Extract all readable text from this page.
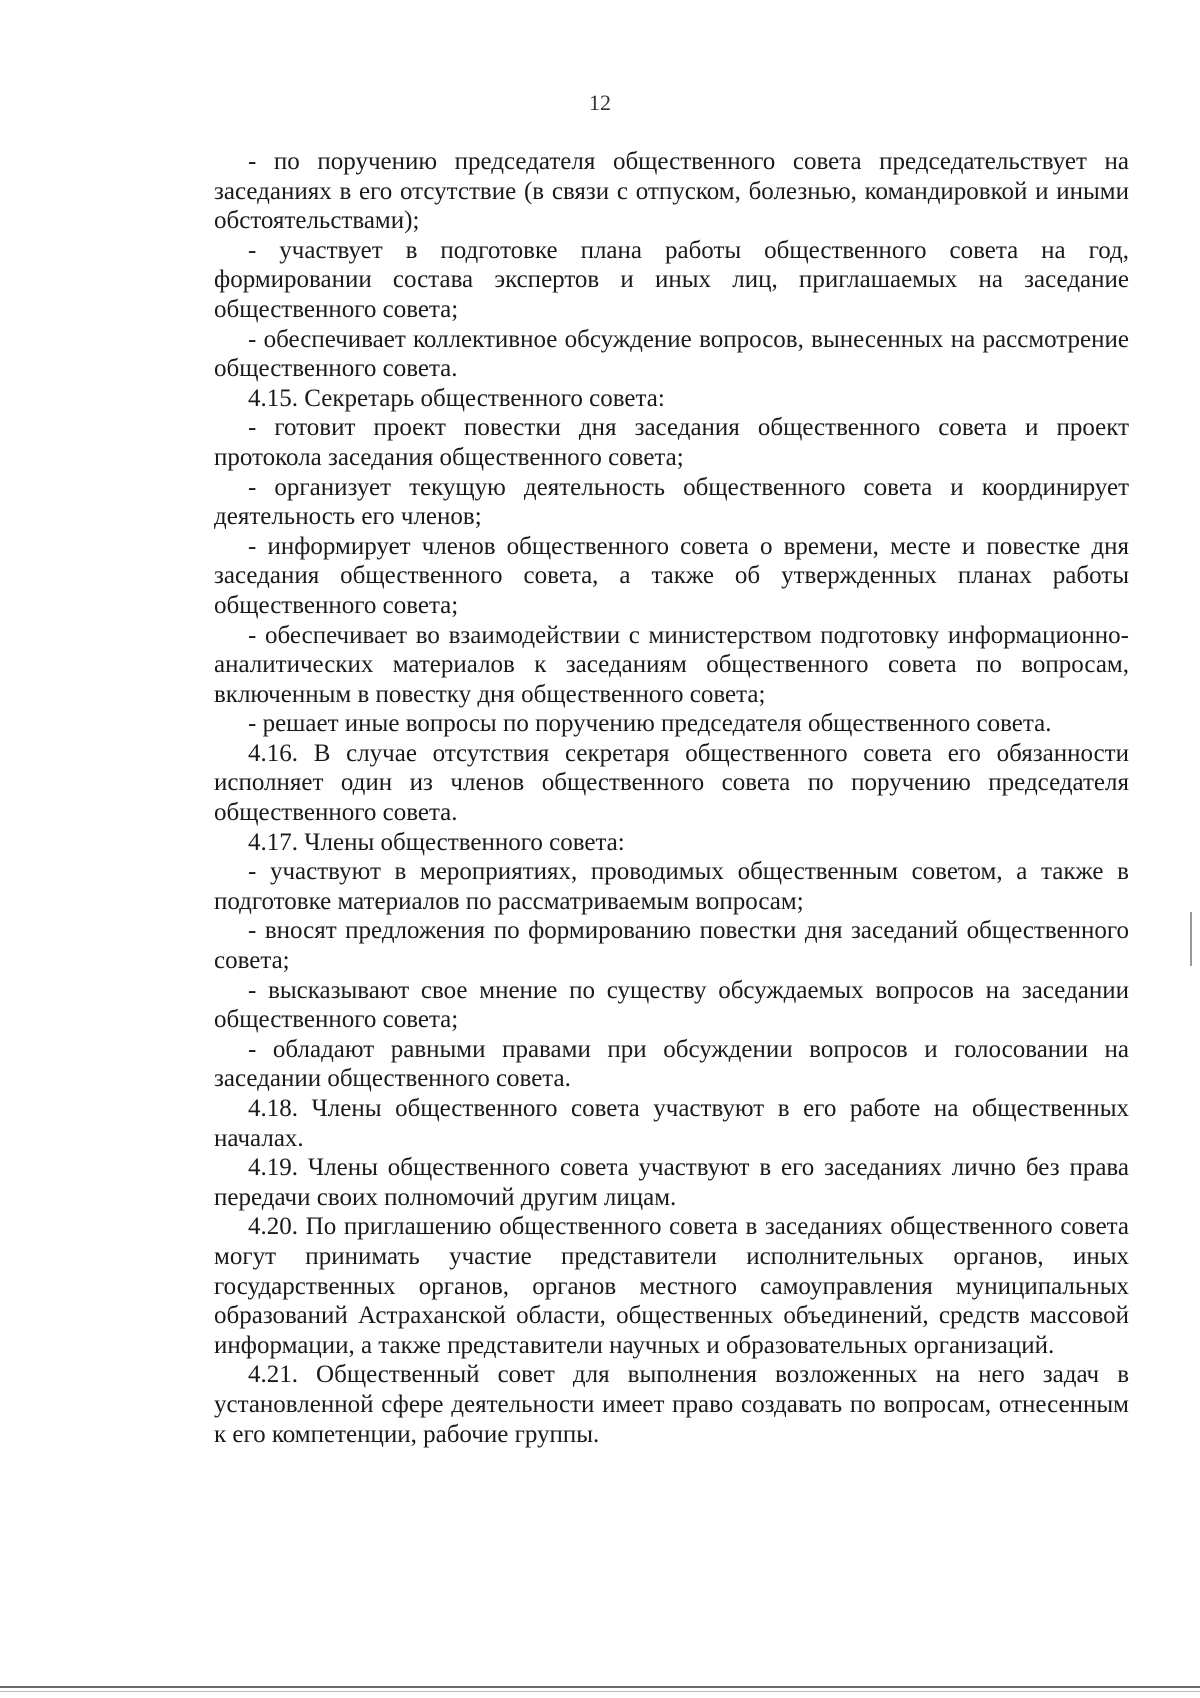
12

- по поручению председателя общественного совета председательствует на заседаниях в его отсутствие (в связи с отпуском, болезнью, командировкой и иными обстоятельствами);

- участвует в подготовке плана работы общественного совета на год, формировании состава экспертов и иных лиц, приглашаемых на заседание общественного совета;

- обеспечивает коллективное обсуждение вопросов, вынесенных на рассмотрение общественного совета.

4.15. Секретарь общественного совета:

- готовит проект повестки дня заседания общественного совета и проект протокола заседания общественного совета;

- организует текущую деятельность общественного совета и координирует деятельность его членов;

- информирует членов общественного совета о времени, месте и повестке дня заседания общественного совета, а также об утвержденных планах работы общественного совета;

- обеспечивает во взаимодействии с министерством подготовку информационно-аналитических материалов к заседаниям общественного совета по вопросам, включенным в повестку дня общественного совета;

- решает иные вопросы по поручению председателя общественного совета.

4.16. В случае отсутствия секретаря общественного совета его обязанности исполняет один из членов общественного совета по поручению председателя общественного совета.

4.17. Члены общественного совета:

- участвуют в мероприятиях, проводимых общественным советом, а также в подготовке материалов по рассматриваемым вопросам;

- вносят предложения по формированию повестки дня заседаний общественного совета;

- высказывают свое мнение по существу обсуждаемых вопросов на заседании общественного совета;

- обладают равными правами при обсуждении вопросов и голосовании на заседании общественного совета.

4.18. Члены общественного совета участвуют в его работе на общественных началах.

4.19. Члены общественного совета участвуют в его заседаниях лично без права передачи своих полномочий другим лицам.

4.20. По приглашению общественного совета в заседаниях общественного совета могут принимать участие представители исполнительных органов, иных государственных органов, органов местного самоуправления муниципальных образований Астраханской области, общественных объединений, средств массовой информации, а также представители научных и образовательных организаций.

4.21. Общественный совет для выполнения возложенных на него задач в установленной сфере деятельности имеет право создавать по вопросам, отнесенным к его компетенции, рабочие группы.
